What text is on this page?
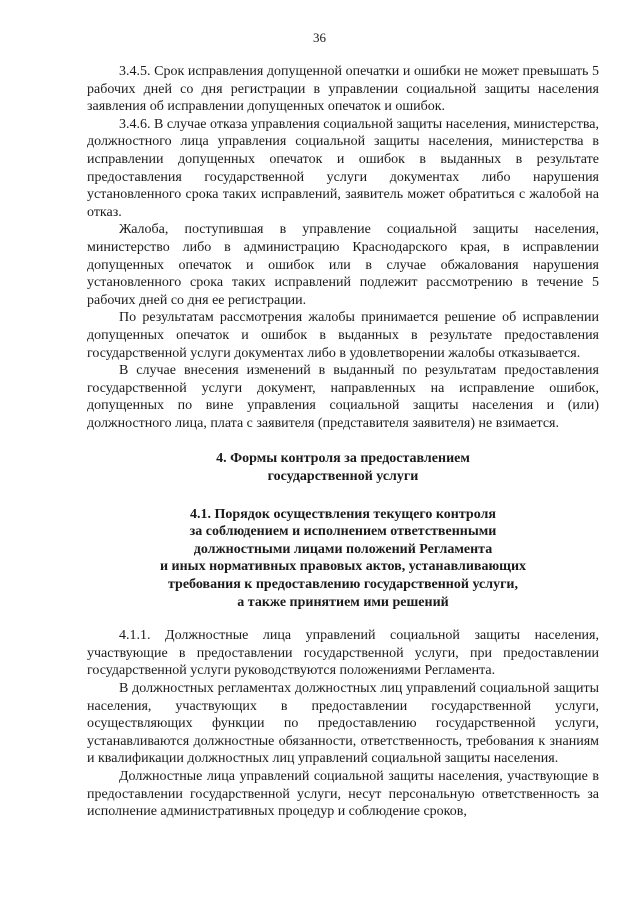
36

3.4.5. Срок исправления допущенной опечатки и ошибки не может превышать 5 рабочих дней со дня регистрации в управлении социальной защиты населения заявления об исправлении допущенных опечаток и ошибок.

3.4.6. В случае отказа управления социальной защиты населения, министерства, должностного лица управления социальной защиты населения, министерства в исправлении допущенных опечаток и ошибок в выданных в результате предоставления государственной услуги документах либо нарушения установленного срока таких исправлений, заявитель может обратиться с жалобой на отказ.

Жалоба, поступившая в управление социальной защиты населения, министерство либо в администрацию Краснодарского края, в исправлении допущенных опечаток и ошибок или в случае обжалования нарушения установленного срока таких исправлений подлежит рассмотрению в течение 5 рабочих дней со дня ее регистрации.

По результатам рассмотрения жалобы принимается решение об исправлении допущенных опечаток и ошибок в выданных в результате предоставления государственной услуги документах либо в удовлетворении жалобы отказывается.

В случае внесения изменений в выданный по результатам предоставления государственной услуги документ, направленных на исправление ошибок, допущенных по вине управления социальной защиты населения и (или) должностного лица, плата с заявителя (представителя заявителя) не взимается.

4. Формы контроля за предоставлением
государственной услуги
4.1. Порядок осуществления текущего контроля
за соблюдением и исполнением ответственными
должностными лицами положений Регламента
и иных нормативных правовых актов, устанавливающих
требования к предоставлению государственной услуги,
а также принятием ими решений

4.1.1. Должностные лица управлений социальной защиты населения, участвующие в предоставлении государственной услуги, при предоставлении государственной услуги руководствуются положениями Регламента.

В должностных регламентах должностных лиц управлений социальной защиты населения, участвующих в предоставлении государственной услуги, осуществляющих функции по предоставлению государственной услуги, устанавливаются должностные обязанности, ответственность, требования к знаниям и квалификации должностных лиц управлений социальной защиты населения.

Должностные лица управлений социальной защиты населения, участвующие в предоставлении государственной услуги, несут персональную ответственность за исполнение административных процедур и соблюдение сроков,
